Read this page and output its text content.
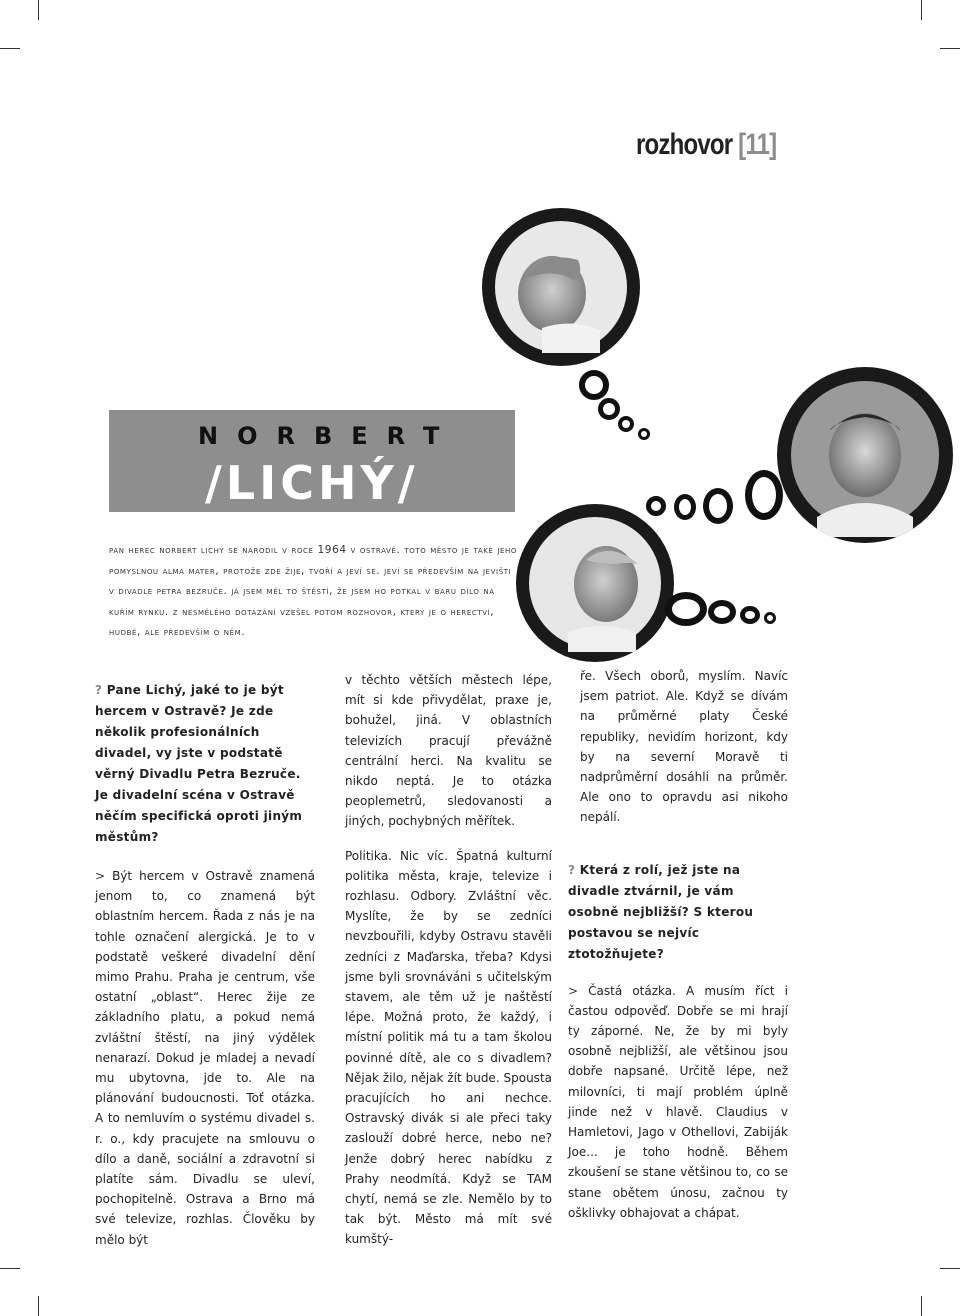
rozhovor [11]
NORBERT
/LICHÝ/

pan herec norbert lichý se narodil v roce 1964 v ostravě. toto město je také jeho pomyslnou alma mater, protože zde žije, tvoří a jeví se. jeví se především na jevišti v divadle petra bezruče. já jsem měl to štěstí, že jsem ho potkal v baru dílo na kuřím rynku. z nesmělého dotázání vzešel potom rozhovor, který je o herectví, hudbě, ale především o něm.

? Pane Lichý, jaké to je být hercem v Ostravě? Je zde několik profesionálních divadel, vy jste v podstatě věrný Divadlu Petra Bezruče. Je divadelní scéna v Ostravě něčím specifická oproti jiným městům?

> Být hercem v Ostravě znamená jenom to, co znamená být oblastním hercem. Řada z nás je na tohle označení alergická. Je to v podstatě veškeré divadelní dění mimo Prahu. Praha je centrum, vše ostatní „oblast“. Herec žije ze základního platu, a pokud nemá zvláštní štěstí, na jiný výdělek nenarazí. Dokud je mladej a nevadí mu ubytovna, jde to. Ale na plánování budoucnosti. Toť otázka. A to nemluvím o systému divadel s. r. o., kdy pracujete na smlouvu o dílo a daně, sociální a zdravotní si platíte sám. Divadlu se uleví, pochopitelně. Ostrava a Brno má své televize, rozhlas. Člověku by mělo být

v těchto větších městech lépe, mít si kde přivydělat, praxe je, bohužel, jiná. V oblastních televizích pracují převážně centrální herci. Na kvalitu se nikdo neptá. Je to otázka peoplemetrů, sledovanosti a jiných, pochybných měřítek.

Politika. Nic víc. Špatná kulturní politika města, kraje, televize i rozhlasu. Odbory. Zvláštní věc. Myslíte, že by se zedníci nevzbouřili, kdyby Ostravu stavěli zedníci z Maďarska, třeba? Kdysi jsme byli srovnáváni s učitelským stavem, ale těm už je naštěstí lépe. Možná proto, že každý, i místní politik má tu a tam školou povinné dítě, ale co s divadlem? Nějak žilo, nějak žít bude. Spousta pracujících ho ani nechce. Ostravský divák si ale přeci taky zaslouží dobré herce, nebo ne? Jenže dobrý herec nabídku z Prahy neodmítá. Když se TAM chytí, nemá se zle. Nemělo by to tak být. Město má mít své kumštý-

ře. Všech oborů, myslím. Navíc jsem patriot. Ale. Když se dívám na průměrné platy České republiky, nevidím horizont, kdy by na severní Moravě ti nadprůměrní dosáhli na průměr. Ale ono to opravdu asi nikoho nepálí.

? Která z rolí, jež jste na divadle ztvárnil, je vám osobně nejbližší? S kterou postavou se nejvíc ztotožňujete?

> Častá otázka. A musím říct i častou odpověď. Dobře se mi hrají ty záporné. Ne, že by mi byly osobně nejbližší, ale většinou jsou dobře napsané. Určitě lépe, než milovníci, ti mají problém úplně jinde než v hlavě. Claudius v Hamletovi, Jago v Othellovi, Zabiják Joe... je toho hodně. Během zkoušení se stane většinou to, co se stane obětem únosu, začnou ty ošklivky obhajovat a chápat.
